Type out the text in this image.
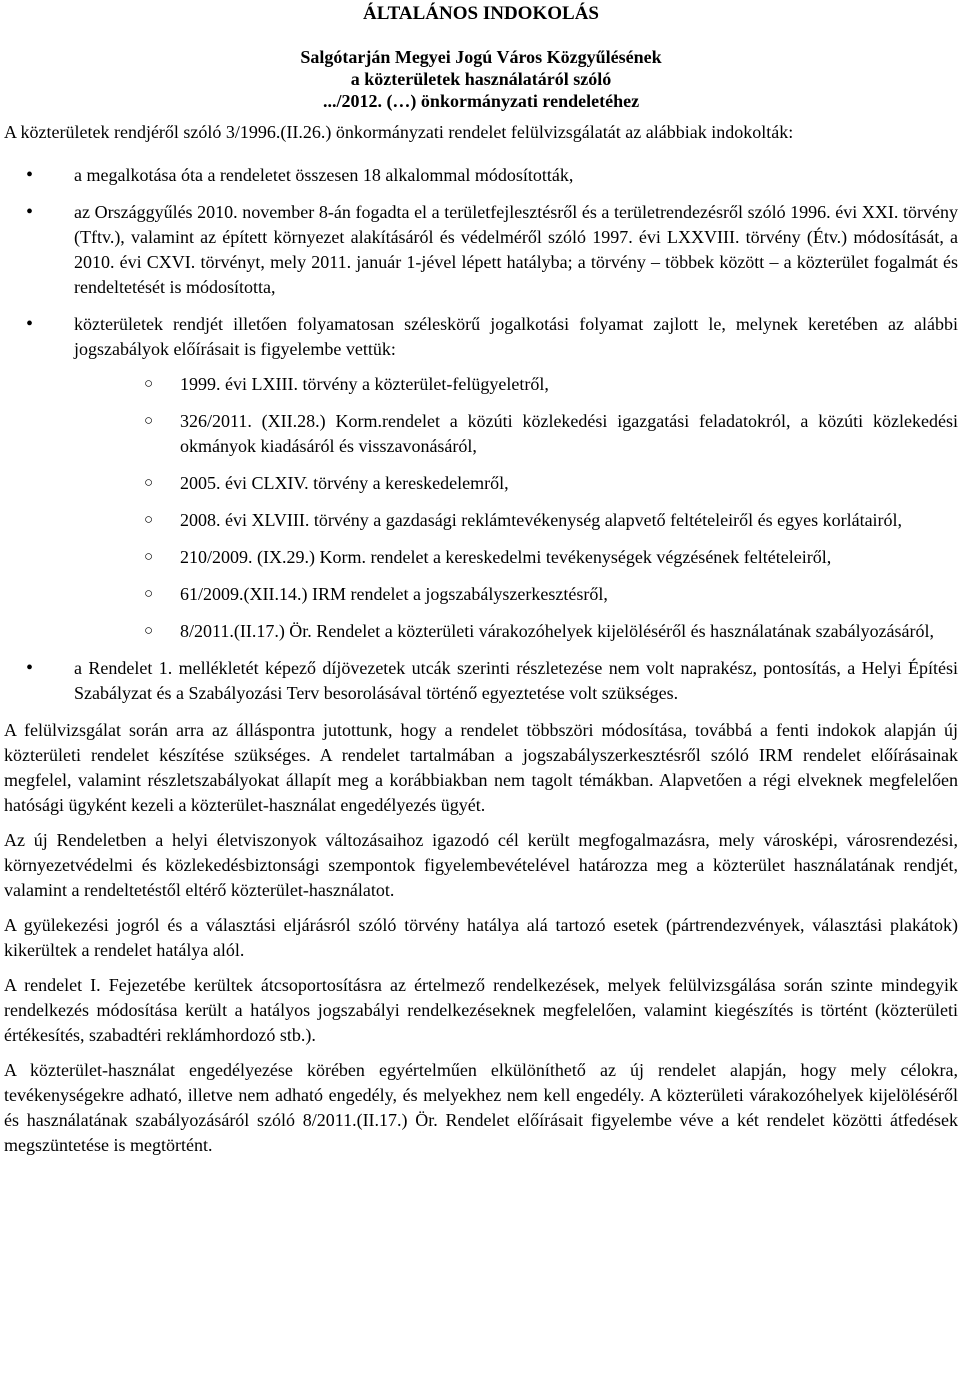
ÁLTALÁNOS INDOKOLÁS
Salgótarján Megyei Jogú Város Közgyűlésének
a közterületek használatáról szóló
.../2012. (…) önkormányzati rendeletéhez

A közterületek rendjéről szóló 3/1996.(II.26.) önkormányzati rendelet felülvizsgálatát az alábbiak indokolták:

• a megalkotása óta a rendeletet összesen 18 alkalommal módosították,
• az Országgyűlés 2010. november 8-án fogadta el a területfejlesztésről és a területrendezésről szóló 1996. évi XXI. törvény (Tftv.), valamint az épített környezet alakításáról és védelméről szóló 1997. évi LXXVIII. törvény (Étv.) módosítását, a 2010. évi CXVI. törvényt, mely 2011. január 1-jével lépett hatályba; a törvény – többek között – a közterület fogalmát és rendeltetését is módosította,
• közterületek rendjét illetően folyamatosan széleskörű jogalkotási folyamat zajlott le, melynek keretében az alábbi jogszabályok előírásait is figyelembe vettük:
○ 1999. évi LXIII. törvény a közterület-felügyeletről,
○ 326/2011. (XII.28.) Korm.rendelet a közúti közlekedési igazgatási feladatokról, a közúti közlekedési okmányok kiadásáról és visszavonásáról,
○ 2005. évi CLXIV. törvény a kereskedelemről,
○ 2008. évi XLVIII. törvény a gazdasági reklámtevékenység alapvető feltételeiről és egyes korlátairól,
○ 210/2009. (IX.29.) Korm. rendelet a kereskedelmi tevékenységek végzésének feltételeiről,
○ 61/2009.(XII.14.) IRM rendelet a jogszabályszerkesztésről,
○ 8/2011.(II.17.) Ör. Rendelet a közterületi várakozóhelyek kijelöléséről és használatának szabályozásáról,
• a Rendelet 1. mellékletét képező díjövezetek utcák szerinti részletezése nem volt naprakész, pontosítás, a Helyi Építési Szabályzat és a Szabályozási Terv besorolásával történő egyeztetése volt szükséges.

A felülvizsgálat során arra az álláspontra jutottunk, hogy a rendelet többszöri módosítása, továbbá a fenti indokok alapján új közterületi rendelet készítése szükséges. A rendelet tartalmában a jogszabályszerkesztésről szóló IRM rendelet előírásainak megfelel, valamint részletszabályokat állapít meg a korábbiakban nem tagolt témákban. Alapvetően a régi elveknek megfelelően hatósági ügyként kezeli a közterület-használat engedélyezés ügyét.

Az új Rendeletben a helyi életviszonyok változásaihoz igazodó cél került megfogalmazásra, mely városképi, városrendezési, környezetvédelmi és közlekedésbiztonsági szempontok figyelembevételével határozza meg a közterület használatának rendjét, valamint a rendeltetéstől eltérő közterület-használatot.

A gyülekezési jogról és a választási eljárásról szóló törvény hatálya alá tartozó esetek (pártrendezvények, választási plakátok) kikerültek a rendelet hatálya alól.

A rendelet I. Fejezetébe kerültek átcsoportosításra az értelmező rendelkezések, melyek felülvizsgálása során szinte mindegyik rendelkezés módosítása került a hatályos jogszabályi rendelkezéseknek megfelelően, valamint kiegészítés is történt (közterületi értékesítés, szabadtéri reklámhordozó stb.).

A közterület-használat engedélyezése körében egyértelműen elkülöníthető az új rendelet alapján, hogy mely célokra, tevékenységekre adható, illetve nem adható engedély, és melyekhez nem kell engedély. A közterületi várakozóhelyek kijelöléséről és használatának szabályozásáról szóló 8/2011.(II.17.) Ör. Rendelet előírásait figyelembe véve a két rendelet közötti átfedések megszüntetése is megtörtént.
